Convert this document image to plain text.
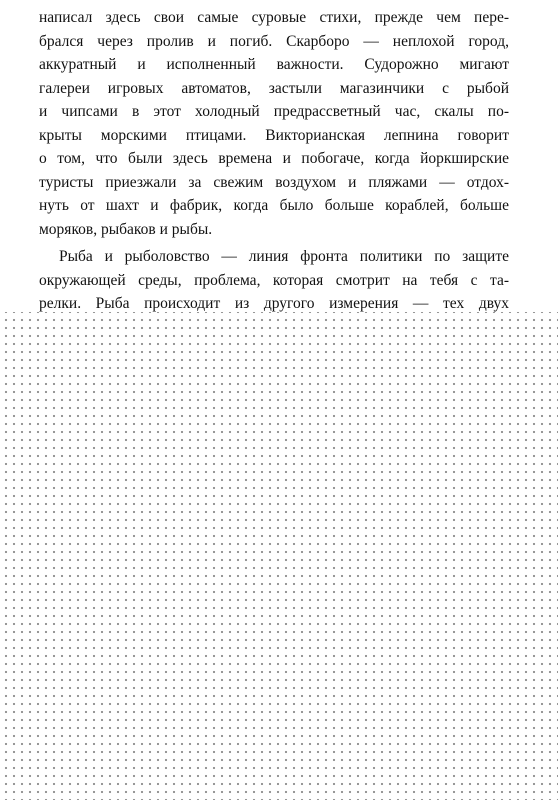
написал здесь свои самые суровые стихи, прежде чем пере-
брался через пролив и погиб. Скарборо — неплохой город,
аккуратный и исполненный важности. Судорожно мигают
галереи игровых автоматов, застыли магазинчики с рыбой
и чипсами в этот холодный предрассветный час, скалы по-
крыты морскими птицами. Викторианская лепнина говорит
о том, что были здесь времена и побогаче, когда йоркширские
туристы приезжали за свежим воздухом и пляжами — отдох-
нуть от шахт и фабрик, когда было больше кораблей, больше
моряков, рыбаков и рыбы.
Рыба и рыболовство — линия фронта политики по защите
окружающей среды, проблема, которая смотрит на тебя с та-
релки. Рыба происходит из другого измерения — тех двух
